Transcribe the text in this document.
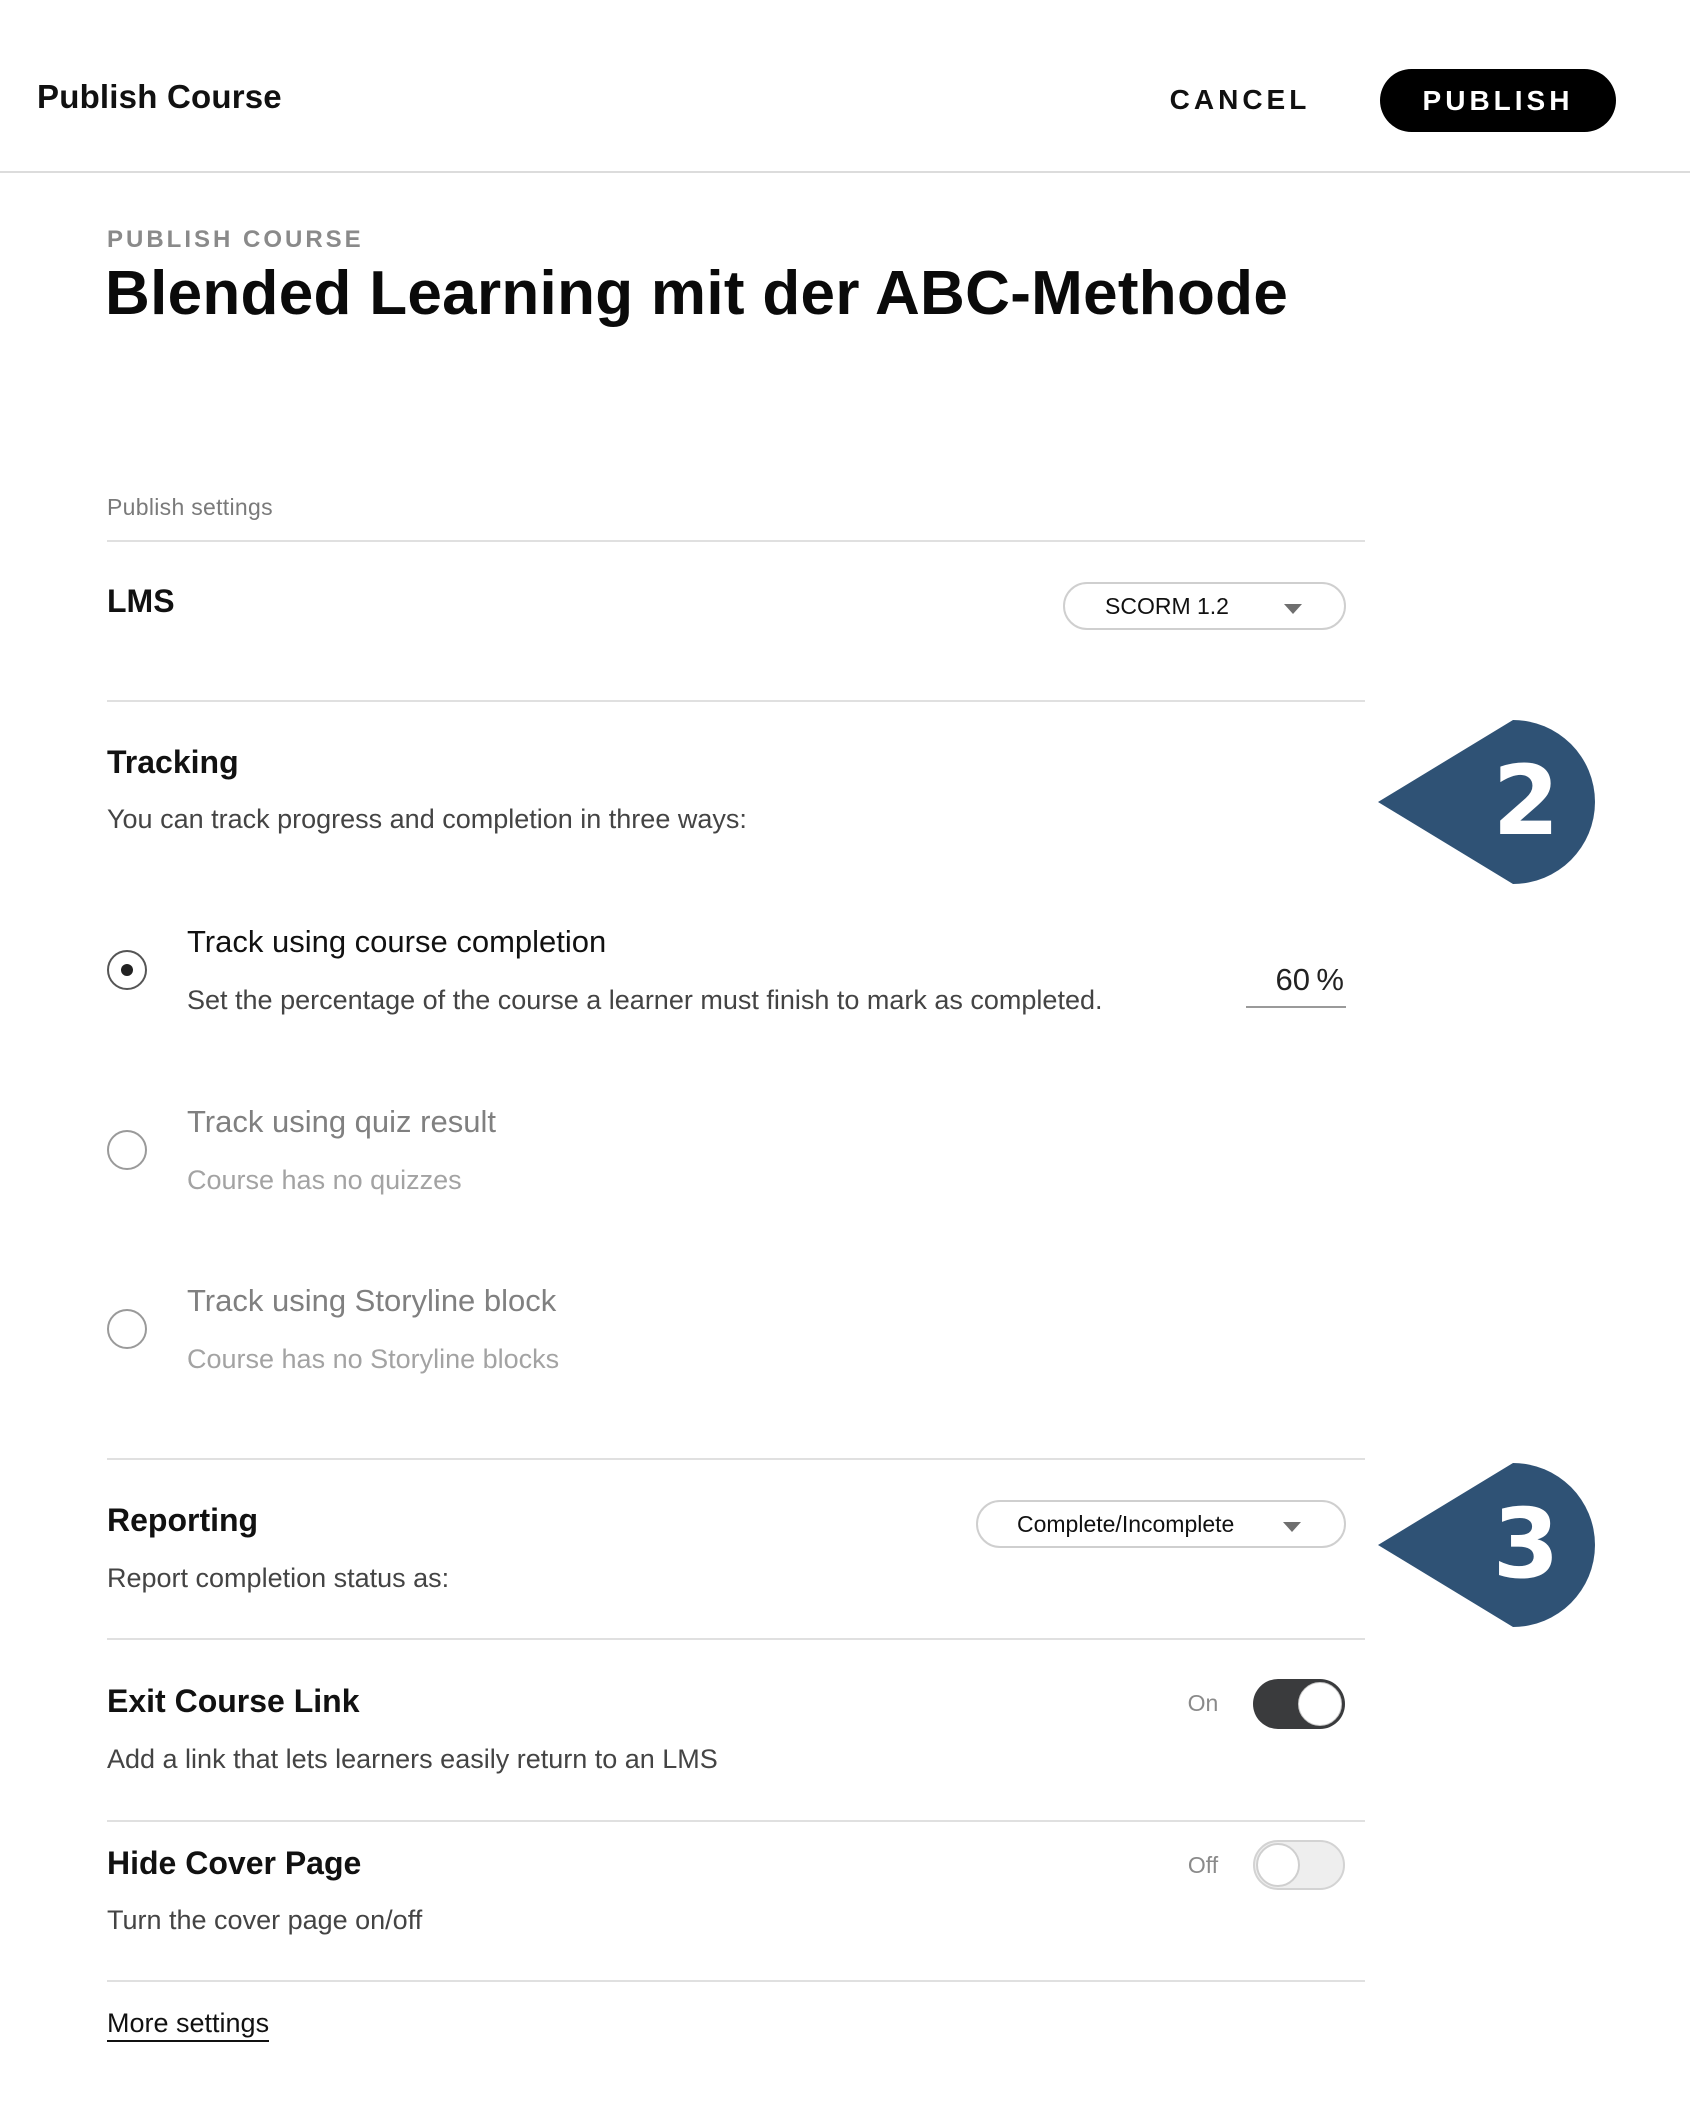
Publish Course	CANCEL	PUBLISH
PUBLISH COURSE
Blended Learning mit der ABC-Methode
Publish settings
LMS	SCORM 1.2
Tracking
You can track progress and completion in three ways:
Track using course completion
Set the percentage of the course a learner must finish to mark as completed.
60 %
Track using quiz result
Course has no quizzes
Track using Storyline block
Course has no Storyline blocks
Reporting
Report completion status as:
Complete/Incomplete
Exit Course Link
Add a link that lets learners easily return to an LMS
On
Hide Cover Page
Turn the cover page on/off
Off
More settings
2
3
